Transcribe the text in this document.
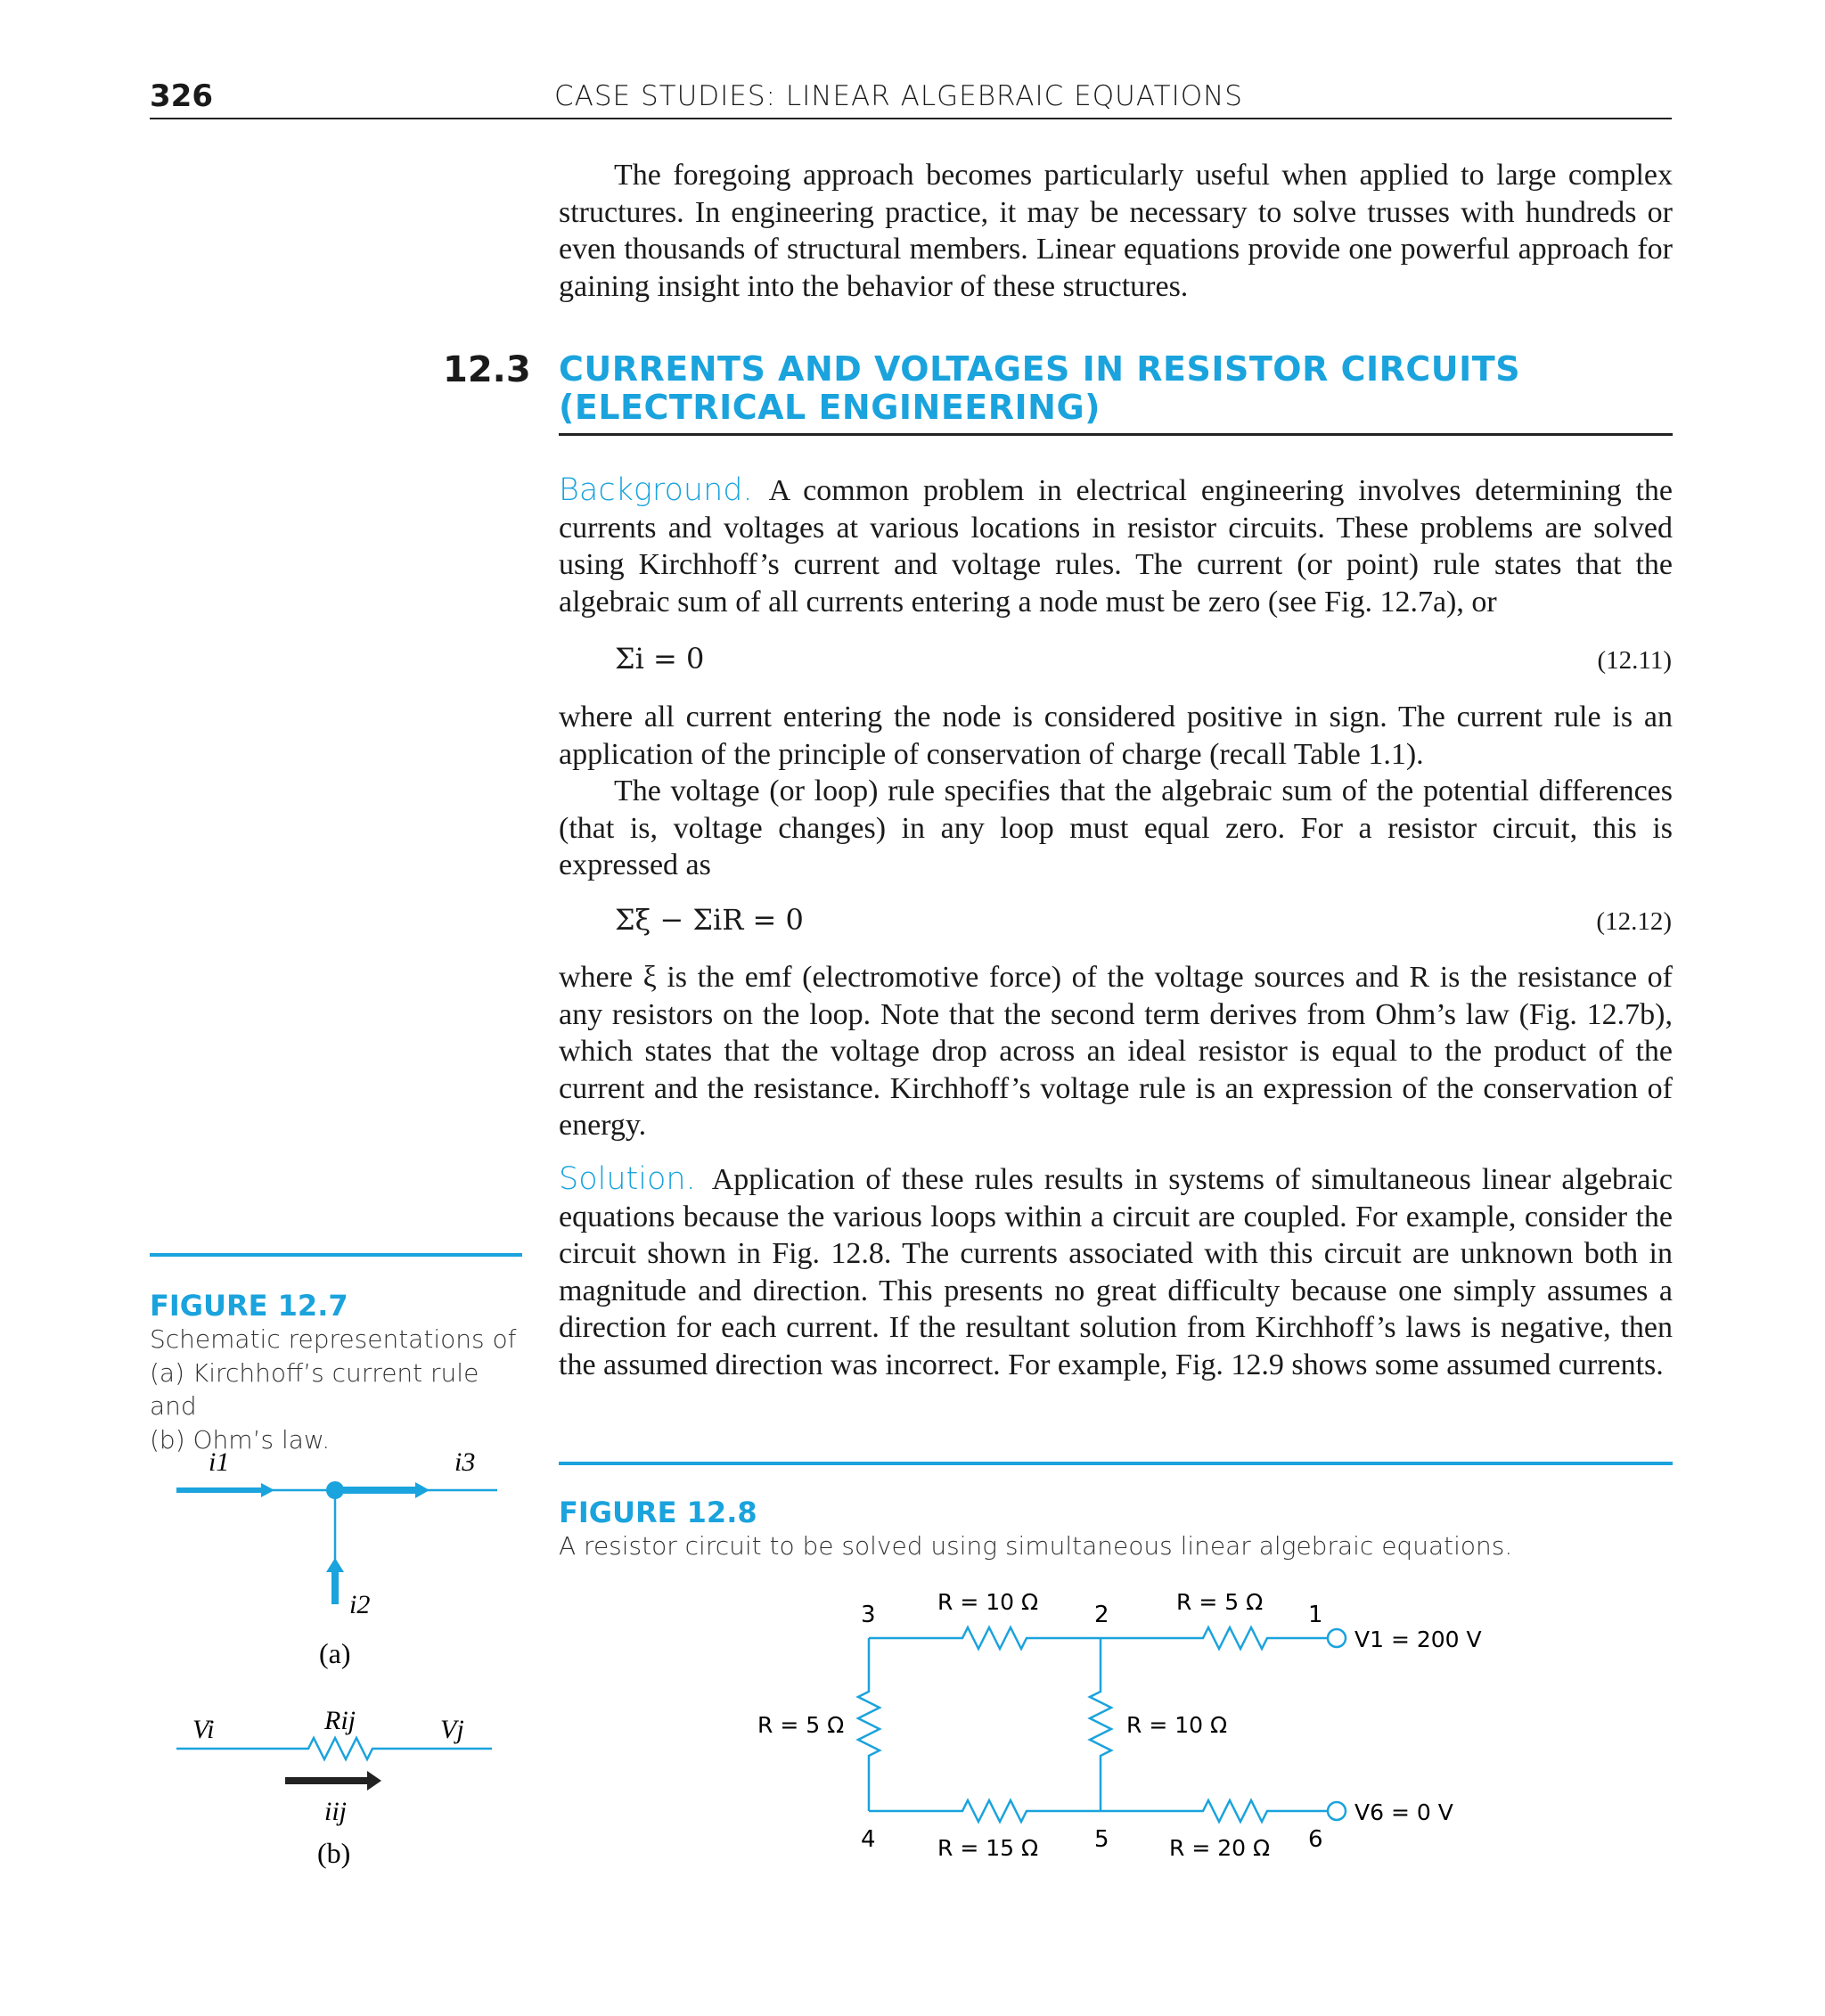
326	CASE STUDIES: LINEAR ALGEBRAIC EQUATIONS

The foregoing approach becomes particularly useful when applied to large complex structures. In engineering practice, it may be necessary to solve trusses with hundreds or even thousands of structural members. Linear equations provide one powerful approach for gaining insight into the behavior of these structures.

12.3 CURRENTS AND VOLTAGES IN RESISTOR CIRCUITS
(ELECTRICAL ENGINEERING)

Background. A common problem in electrical engineering involves determining the currents and voltages at various locations in resistor circuits. These problems are solved using Kirchhoff’s current and voltage rules. The current (or point) rule states that the algebraic sum of all currents entering a node must be zero (see Fig. 12.7a), or

Σi = 0	(12.11)

where all current entering the node is considered positive in sign. The current rule is an application of the principle of conservation of charge (recall Table 1.1).

The voltage (or loop) rule specifies that the algebraic sum of the potential differences (that is, voltage changes) in any loop must equal zero. For a resistor circuit, this is expressed as

Σξ − ΣiR = 0	(12.12)

where ξ is the emf (electromotive force) of the voltage sources and R is the resistance of any resistors on the loop. Note that the second term derives from Ohm’s law (Fig. 12.7b), which states that the voltage drop across an ideal resistor is equal to the product of the current and the resistance. Kirchhoff’s voltage rule is an expression of the conservation of energy.

Solution. Application of these rules results in systems of simultaneous linear algebraic equations because the various loops within a circuit are coupled. For example, consider the circuit shown in Fig. 12.8. The currents associated with this circuit are unknown both in magnitude and direction. This presents no great difficulty because one simply assumes a direction for each current. If the resultant solution from Kirchhoff’s laws is negative, then the assumed direction was incorrect. For example, Fig. 12.9 shows some assumed currents.

FIGURE 12.7
Schematic representations of
(a) Kirchhoff’s current rule and
(b) Ohm’s law.
i1	i3
i2
(a)
Vi	Vj
Rij
iij
(b)
FIGURE 12.8
A resistor circuit to be solved using simultaneous linear algebraic equations.
3	2	1
4	5	6
R = 10 Ω	R = 5 Ω
R = 5 Ω	R = 10 Ω
R = 15 Ω	R = 20 Ω
V1 = 200 V
V6 = 0 V
